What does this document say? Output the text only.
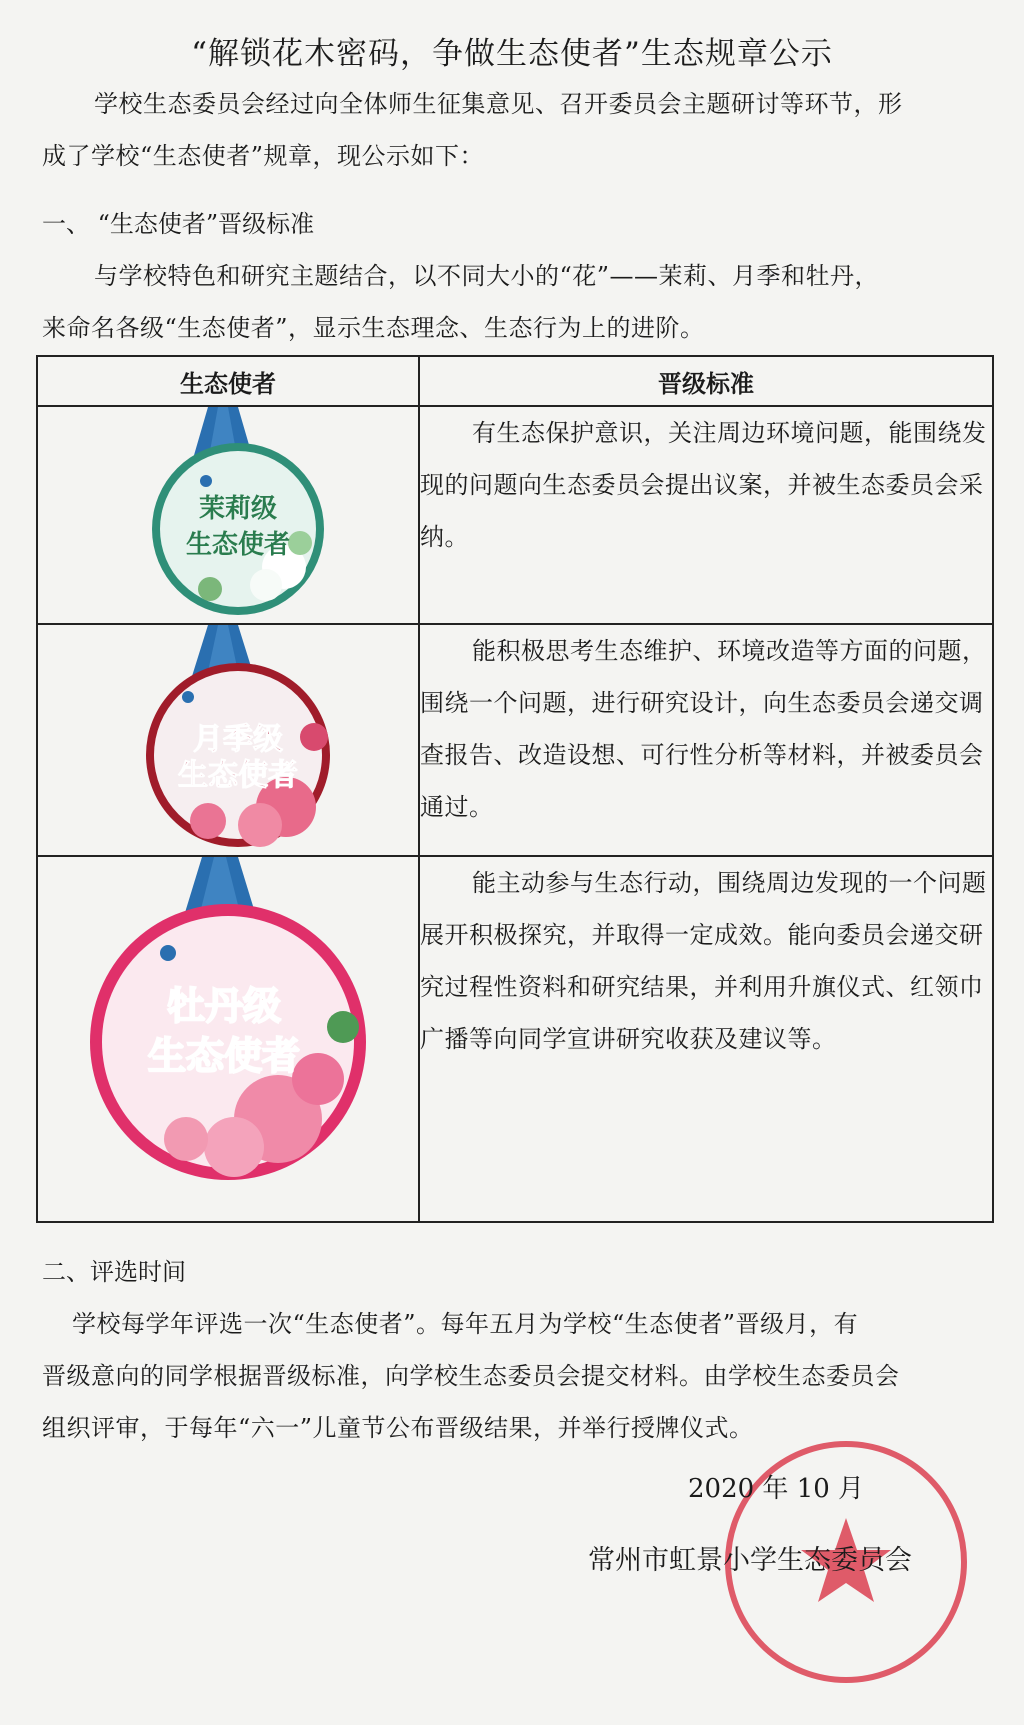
“解锁花木密码，争做生态使者”生态规章公示
学校生态委员会经过向全体师生征集意见、召开委员会主题研讨等环节，形
成了学校“生态使者”规章，现公示如下：
一、 “生态使者”晋级标准
与学校特色和研究主题结合，以不同大小的“花”——茉莉、月季和牡丹，
来命名各级“生态使者”，显示生态理念、生态行为上的进阶。
生态使者	晋级标准

茉莉级
生态使者	有生态保护意识，关注周边环境问题，能围绕发现的问题向生态委员会提出议案，并被生态委员会采纳。

月季级
生态使者	能积极思考生态维护、环境改造等方面的问题，围绕一个问题，进行研究设计，向生态委员会递交调查报告、改造设想、可行性分析等材料，并被委员会通过。

牡丹级
生态使者	能主动参与生态行动，围绕周边发现的一个问题展开积极探究，并取得一定成效。能向委员会递交研究过程性资料和研究结果，并利用升旗仪式、红领巾广播等向同学宣讲研究收获及建议等。
二、评选时间
学校每学年评选一次“生态使者”。每年五月为学校“生态使者”晋级月，有
晋级意向的同学根据晋级标准，向学校生态委员会提交材料。由学校生态委员会
组织评审，于每年“六一”儿童节公布晋级结果，并举行授牌仪式。
2020 年 10 月
常州市虹景小学生态委员会
